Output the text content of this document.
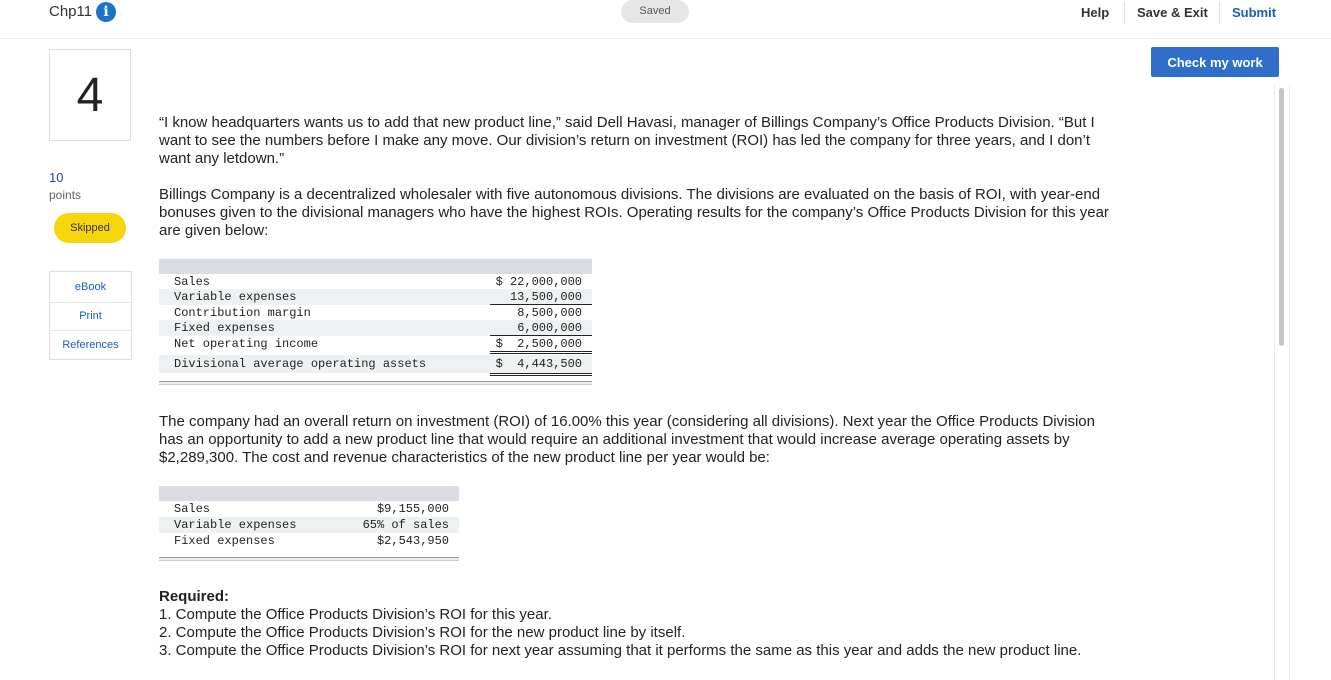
Chp11 i	Saved	Help Save & Exit Submit
Check my work
4
10
points
Skipped
eBook
Print
References

“I know headquarters wants us to add that new product line,” said Dell Havasi, manager of Billings Company’s Office Products Division. “But I want to see the numbers before I make any move. Our division’s return on investment (ROI) has led the company for three years, and I don’t want any letdown.”

Billings Company is a decentralized wholesaler with five autonomous divisions. The divisions are evaluated on the basis of ROI, with year-end bonuses given to the divisional managers who have the highest ROIs. Operating results for the company’s Office Products Division for this year are given below:

Sales	$ 22,000,000
Variable expenses	13,500,000
Contribution margin	8,500,000
Fixed expenses	6,000,000
Net operating income	$  2,500,000
Divisional average operating assets	$  4,443,500

The company had an overall return on investment (ROI) of 16.00% this year (considering all divisions). Next year the Office Products Division has an opportunity to add a new product line that would require an additional investment that would increase average operating assets by $2,289,300. The cost and revenue characteristics of the new product line per year would be:

Sales	$9,155,000
Variable expenses	65% of sales
Fixed expenses	$2,543,950
Required:

1. Compute the Office Products Division’s ROI for this year.

2. Compute the Office Products Division’s ROI for the new product line by itself.

3. Compute the Office Products Division’s ROI for next year assuming that it performs the same as this year and adds the new product line.
